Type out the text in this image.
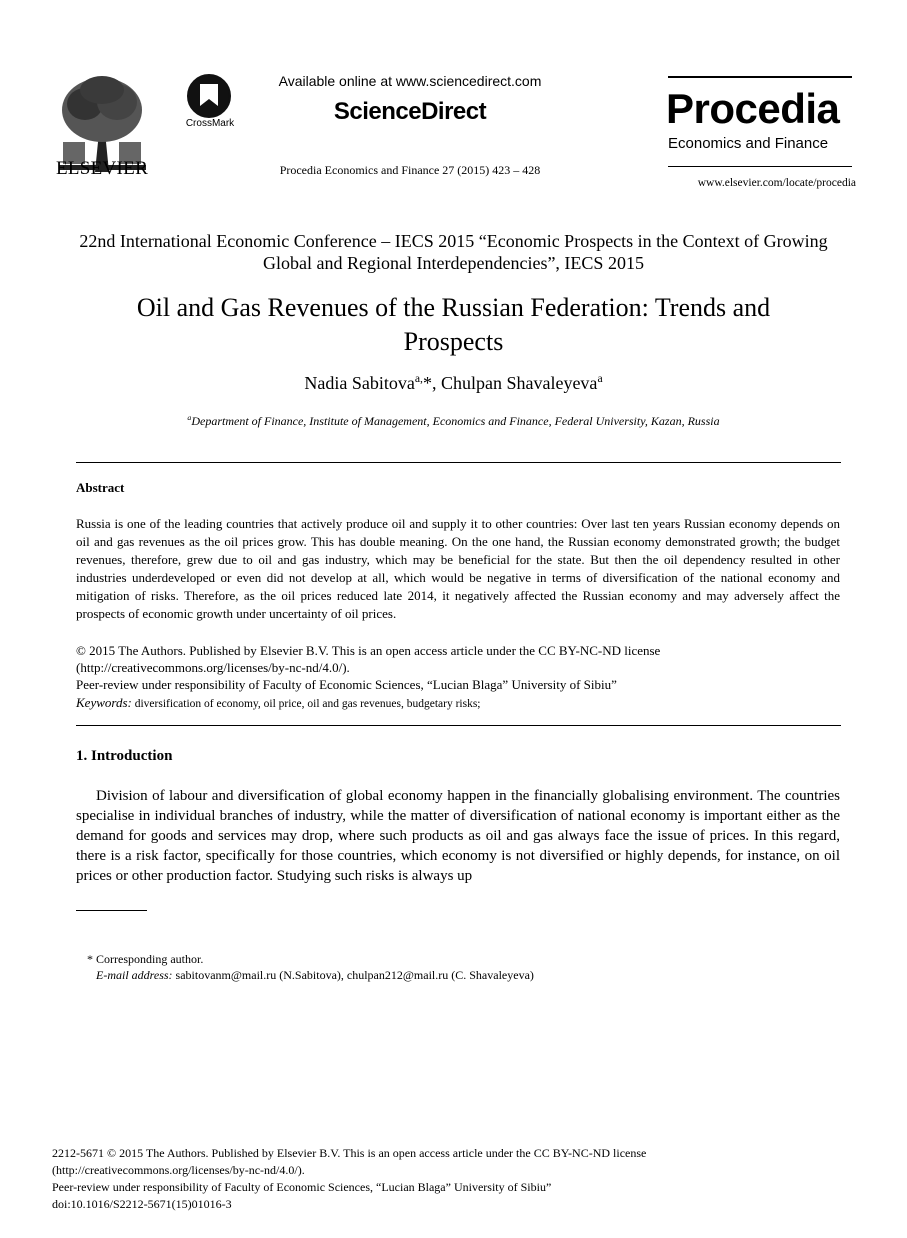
ELSEVIER
CrossMark
Available online at www.sciencedirect.com
ScienceDirect
Procedia Economics and Finance 27 (2015) 423 – 428
Procedia
Economics and Finance
www.elsevier.com/locate/procedia
22nd International Economic Conference – IECS 2015 “Economic Prospects in the Context of Growing Global and Regional Interdependencies”, IECS 2015
Oil and Gas Revenues of the Russian Federation: Trends and Prospects
Nadia Sabitova$^{a,}$*, Chulpan Shavaleyeva$^a$
$^a$Department of Finance, Institute of Management, Economics and Finance, Federal University, Kazan, Russia
Abstract
Russia is one of the leading countries that actively produce oil and supply it to other countries: Over last ten years Russian economy depends on oil and gas revenues as the oil prices grow. This has double meaning. On the one hand, the Russian economy demonstrated growth; the budget revenues, therefore, grew due to oil and gas industry, which may be beneficial for the state. But then the oil dependency resulted in other industries underdeveloped or even did not develop at all, which would be negative in terms of diversification of the national economy and mitigation of risks. Therefore, as the oil prices reduced late 2014, it negatively affected the Russian economy and may adversely affect the prospects of economic growth under uncertainty of oil prices.
© 2015 The Authors. Published by Elsevier B.V. This is an open access article under the CC BY-NC-ND license
(http://creativecommons.org/licenses/by-nc-nd/4.0/).
Peer-review under responsibility of Faculty of Economic Sciences, “Lucian Blaga” University of Sibiu”
Keywords: diversification of economy, oil price, oil and gas revenues, budgetary risks;
1. Introduction
Division of labour and diversification of global economy happen in the financially globalising environment. The countries specialise in individual branches of industry, while the matter of diversification of national economy is important either as the demand for goods and services may drop, where such products as oil and gas always face the issue of prices. In this regard, there is a risk factor, specifically for those countries, which economy is not diversified or highly depends, for instance, on oil prices or other production factor. Studying such risks is always up
* Corresponding author.
E-mail address: sabitovanm@mail.ru (N.Sabitova), chulpan212@mail.ru (C. Shavaleyeva)
2212-5671 © 2015 The Authors. Published by Elsevier B.V. This is an open access article under the CC BY-NC-ND license
(http://creativecommons.org/licenses/by-nc-nd/4.0/).
Peer-review under responsibility of Faculty of Economic Sciences, “Lucian Blaga” University of Sibiu”
doi:10.1016/S2212-5671(15)01016-3
